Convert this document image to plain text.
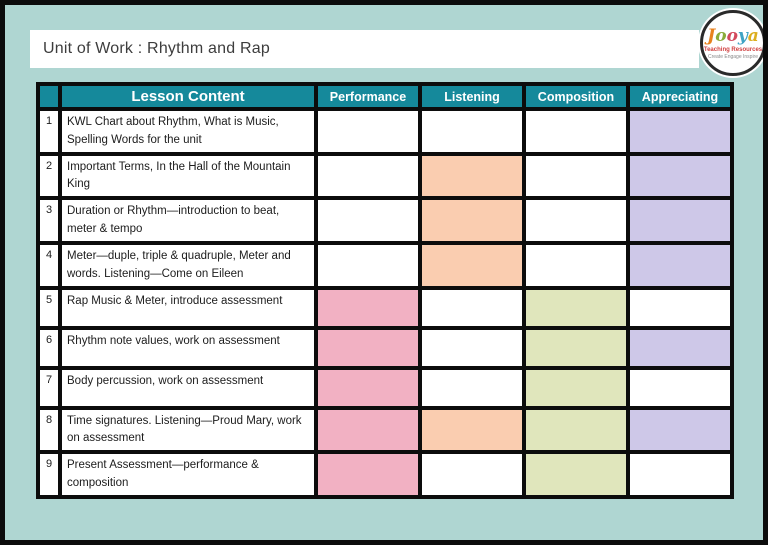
Unit of Work : Rhythm and Rap
Jooya
Teaching Resources
Create Engage Inspire
	Lesson Content	Performance	Listening	Composition	Appreciating
1	KWL Chart about Rhythm, What is Music, Spelling Words for the unit				
2	Important Terms, In the Hall of the Mountain King				
3	Duration or Rhythm—introduction to beat, meter & tempo				
4	Meter—duple, triple & quadruple, Meter and words. Listening—Come on Eileen				
5	Rap Music & Meter, introduce assessment				
6	Rhythm note values, work on assessment				
7	Body percussion, work on assessment				
8	Time signatures. Listening—Proud Mary, work on assessment				
9	Present Assessment—performance & composition				
